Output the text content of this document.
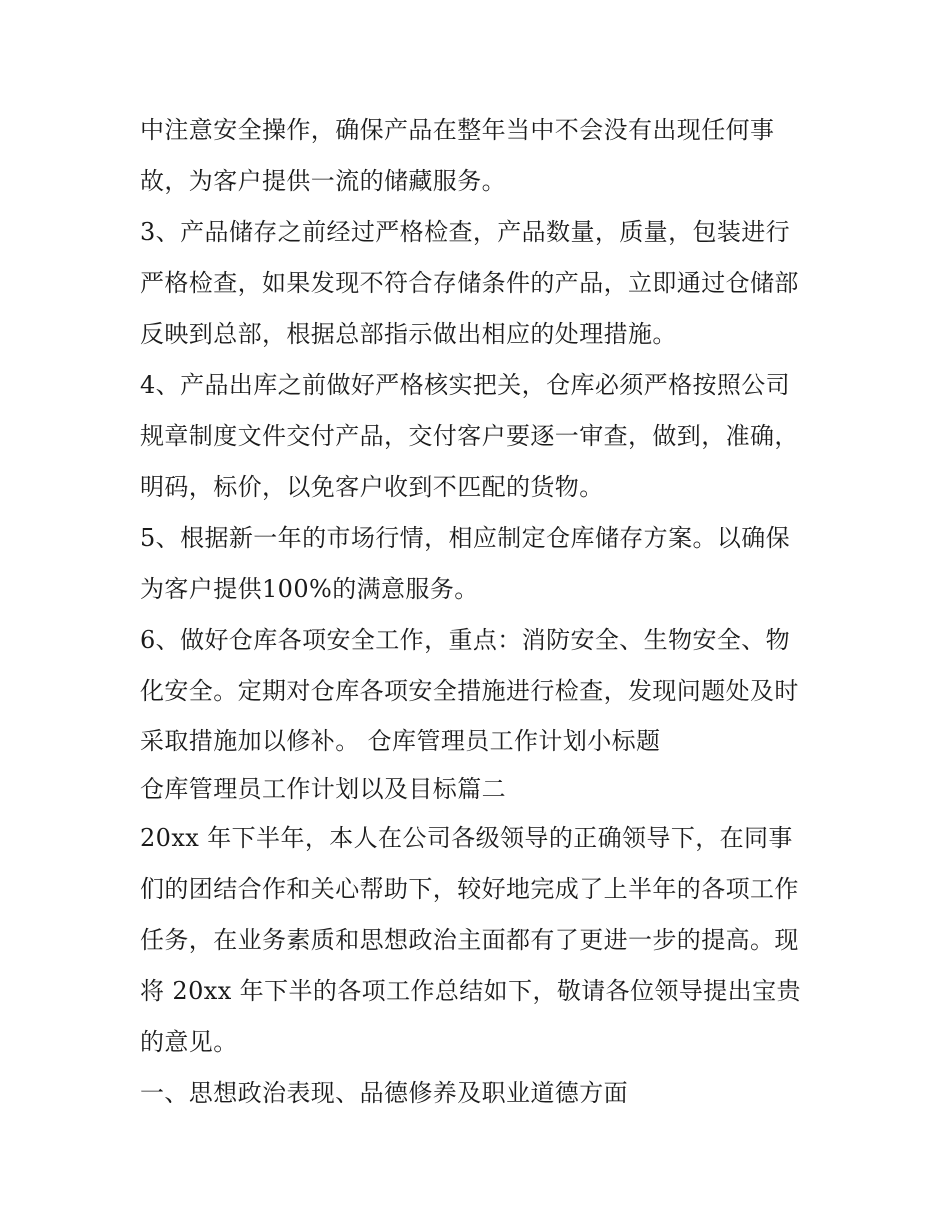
中注意安全操作，确保产品在整年当中不会没有出现任何事
故，为客户提供一流的储藏服务。
3、产品储存之前经过严格检查，产品数量，质量，包装进行
严格检查，如果发现不符合存储条件的产品，立即通过仓储部
反映到总部，根据总部指示做出相应的处理措施。
4、产品出库之前做好严格核实把关，仓库必须严格按照公司
规章制度文件交付产品，交付客户要逐一审查，做到，准确，
明码，标价，以免客户收到不匹配的货物。
5、根据新一年的市场行情，相应制定仓库储存方案。以确保
为客户提供100%的满意服务。
6、做好仓库各项安全工作，重点：消防安全、生物安全、物
化安全。定期对仓库各项安全措施进行检查，发现问题处及时
采取措施加以修补。 仓库管理员工作计划小标题
仓库管理员工作计划以及目标篇二
20xx 年下半年，本人在公司各级领导的正确领导下，在同事
们的团结合作和关心帮助下，较好地完成了上半年的各项工作
任务，在业务素质和思想政治主面都有了更进一步的提高。现
将 20xx 年下半的各项工作总结如下，敬请各位领导提出宝贵
的意见。
一、思想政治表现、品德修养及职业道德方面
